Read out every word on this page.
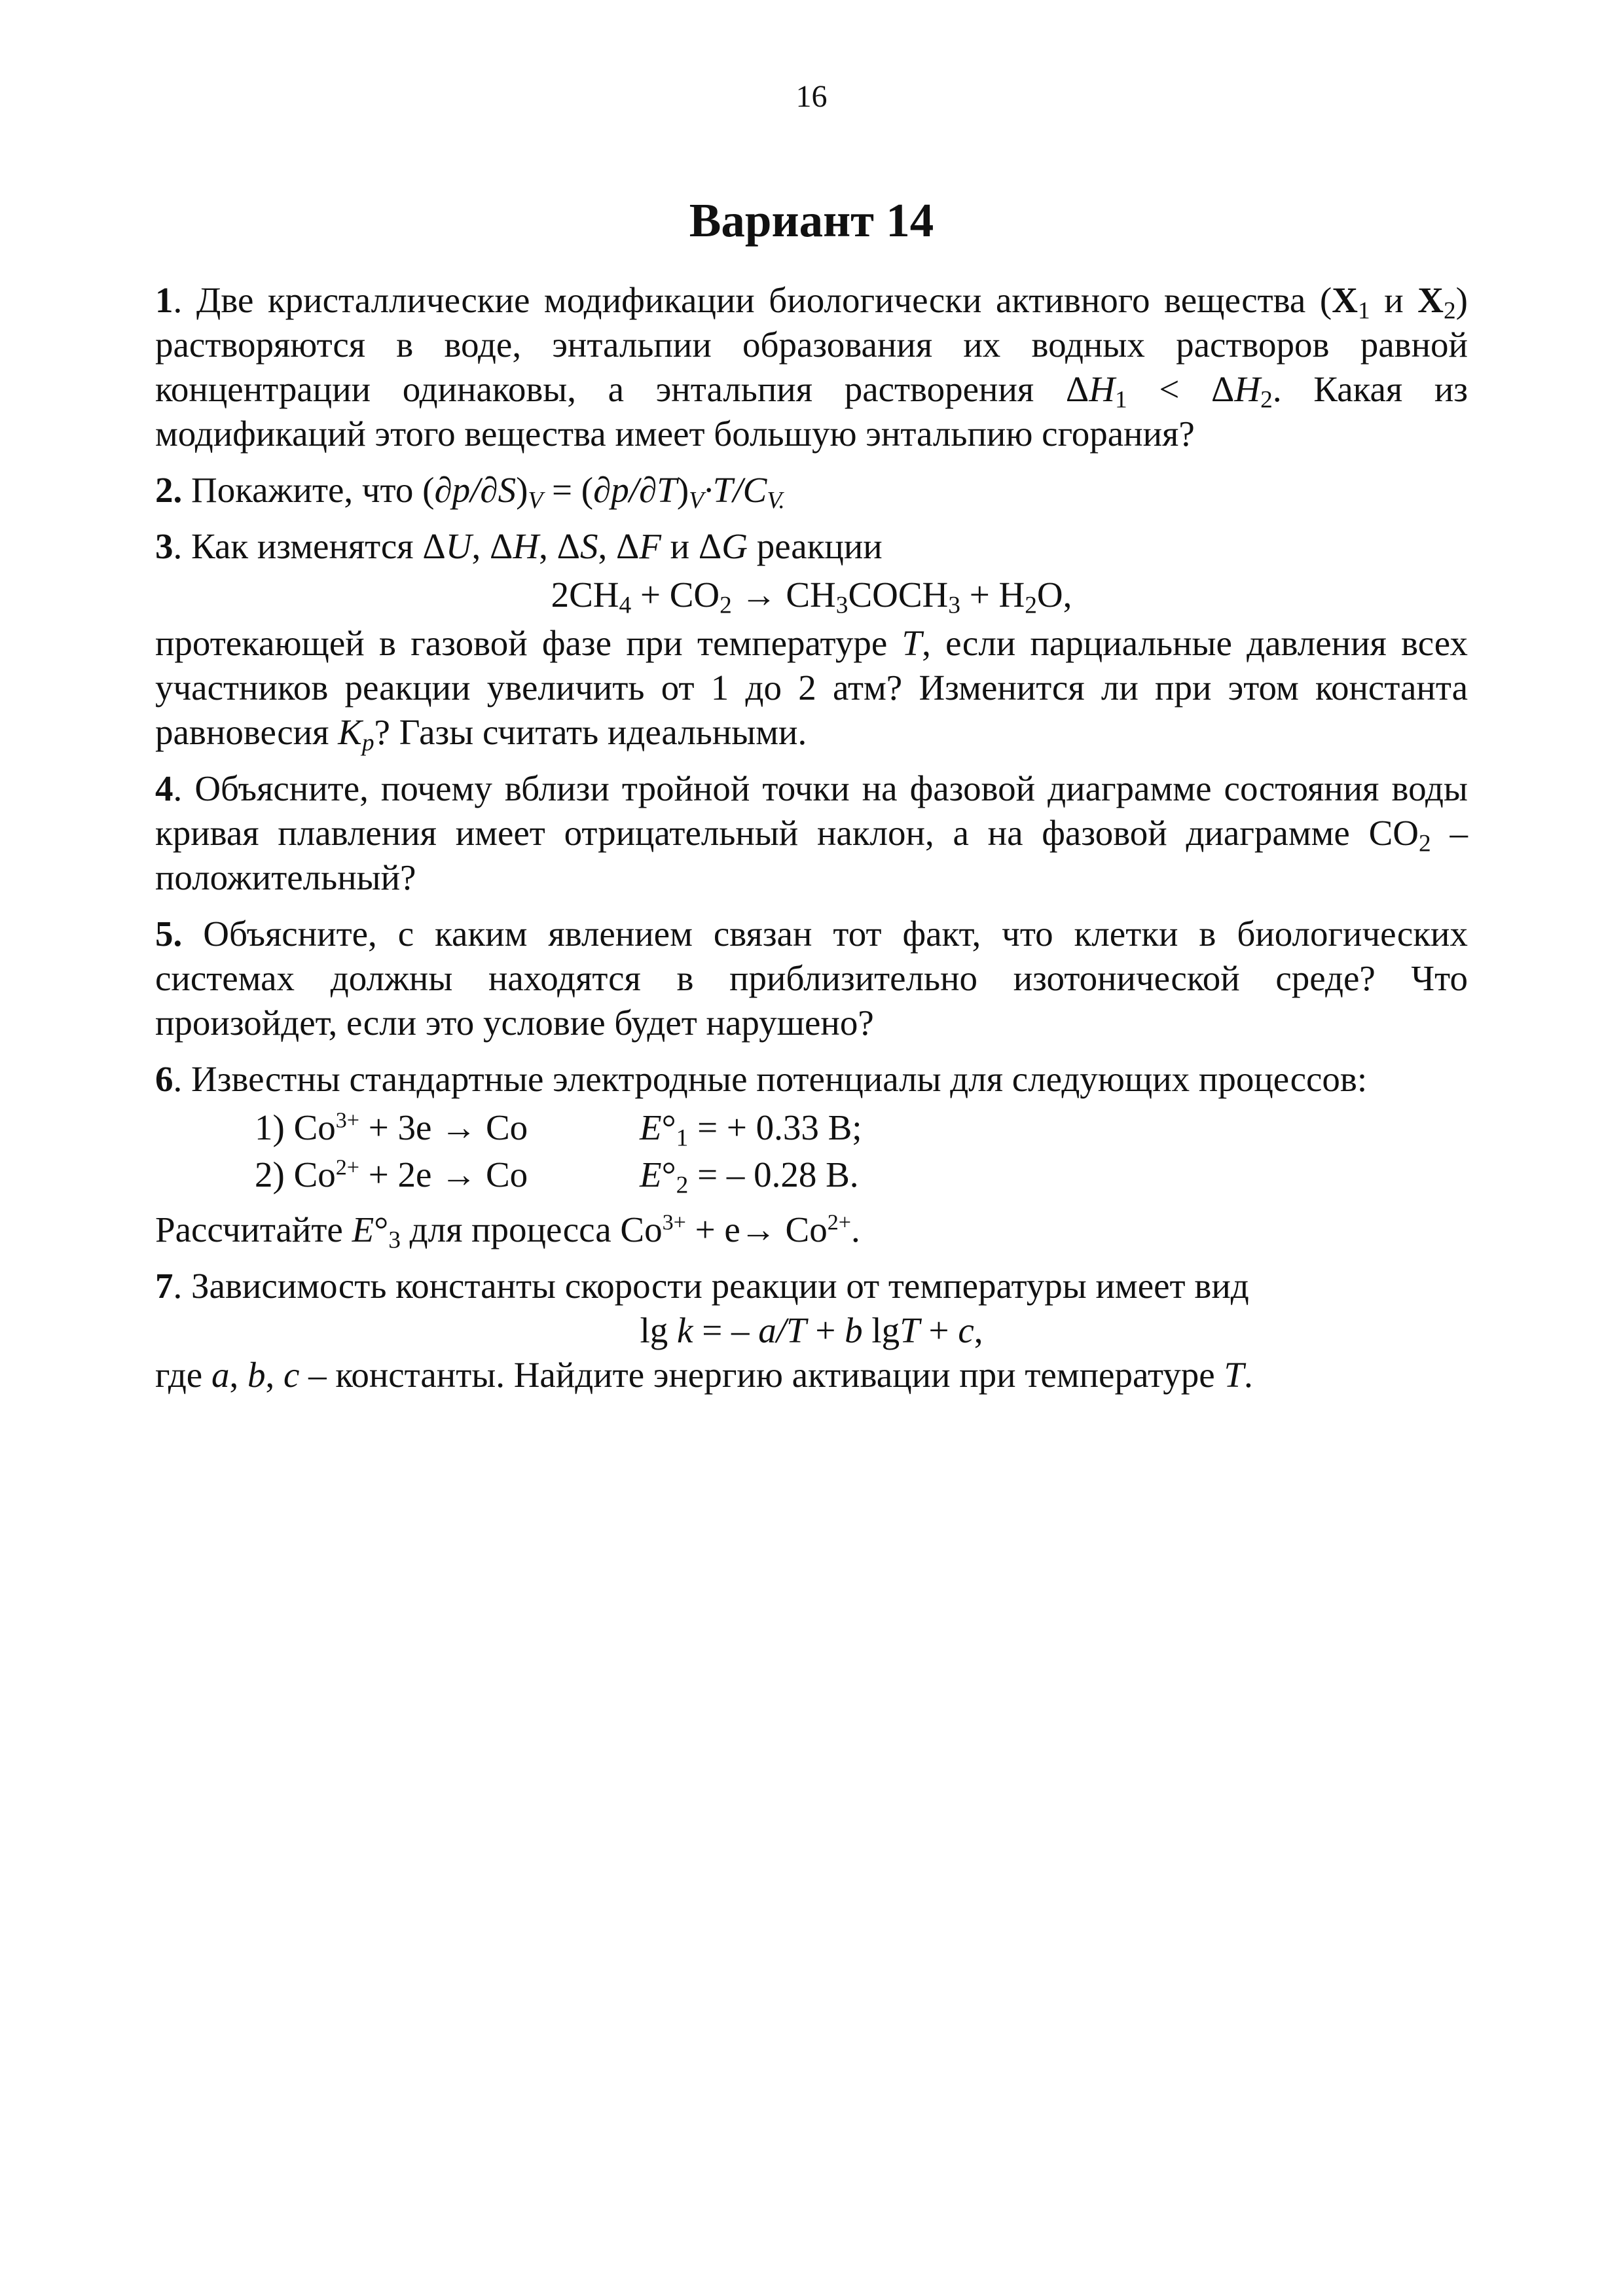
16
Вариант 14

1. Две кристаллические модификации биологически активного вещества ($X_1$ и $X_2$) растворяются в воде, энтальпии образования их водных растворов равной концентрации одинаковы, а энтальпия растворения $\Delta H_1 < \Delta H_2$. Какая из модификаций этого вещества имеет большую энтальпию сгорания?

2. Покажите, что $(\partial p/\partial S)_V = (\partial p/\partial T)_V\cdot T/C_{V.}$

3. Как изменятся ΔU, ΔH, ΔS, ΔF и ΔG реакции

$2CH_4 + CO_2$ → $CH_3COCH_3 + H_2O$,

протекающей в газовой фазе при температуре T, если парциальные давления всех участников реакции увеличить от 1 до 2 атм? Изменится ли при этом константа равновесия $K_p$? Газы считать идеальными.

4. Объясните, почему вблизи тройной точки на фазовой диаграмме состояния воды кривая плавления имеет отрицательный наклон, а на фазовой диаграмме $CO_2$ – положительный?

5. Объясните, с каким явлением связан тот факт, что клетки в биологических системах должны находятся в приблизительно изотонической среде? Что произойдет, если это условие будет нарушено?

6. Известны стандартные электродные потенциалы для следующих процессов:

1) $Co^{3+} + 3e \to Co$	$E^\circ_1$ = + 0.33 В;
2) $Co^{2+} + 2e \to Co$	$E^\circ_2$ = – 0.28 В.

Рассчитайте $E^\circ_3$ для процесса $Co^{3+} + e\to Co^{2+}$.

7. Зависимость константы скорости реакции от температуры имеет вид

lg k = – a/T + b lgT + c,

где a, b, c – константы. Найдите энергию активации при температуре T.
